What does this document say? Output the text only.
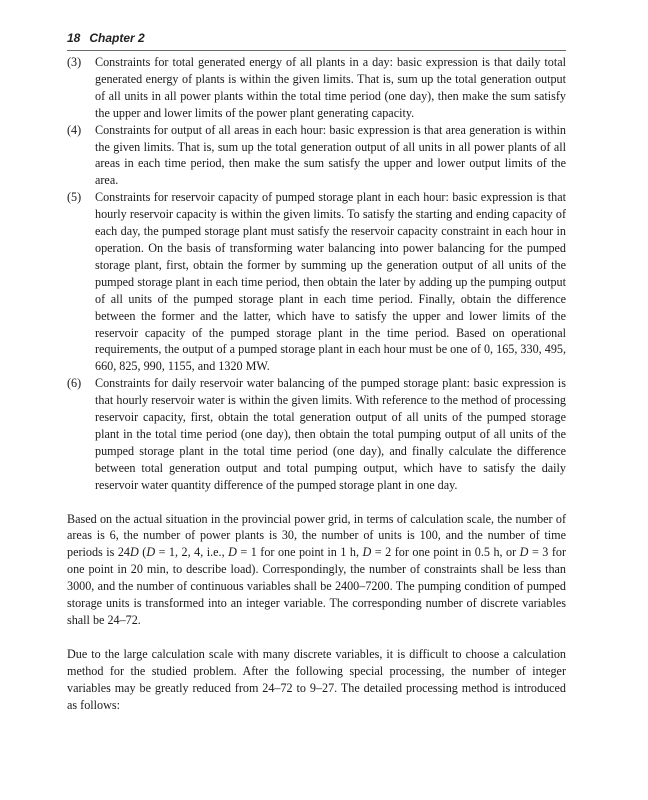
18 Chapter 2
(3)	Constraints for total generated energy of all plants in a day: basic expression is that daily total generated energy of plants is within the given limits. That is, sum up the total generation output of all units in all power plants within the total time period (one day), then make the sum satisfy the upper and lower limits of the power plant generating capacity.
(4)	Constraints for output of all areas in each hour: basic expression is that area generation is within the given limits. That is, sum up the total generation output of all units in all power plants of all areas in each time period, then make the sum satisfy the upper and lower output limits of the area.
(5)	Constraints for reservoir capacity of pumped storage plant in each hour: basic expression is that hourly reservoir capacity is within the given limits. To satisfy the starting and ending capacity of each day, the pumped storage plant must satisfy the reservoir capacity constraint in each hour in operation. On the basis of transforming water balancing into power balancing for the pumped storage plant, first, obtain the former by summing up the generation output of all units of the pumped storage plant in each time period, then obtain the later by adding up the pumping output of all units of the pumped storage plant in each time period. Finally, obtain the difference between the former and the latter, which have to satisfy the upper and lower limits of the reservoir capacity of the pumped storage plant in the time period. Based on operational requirements, the output of a pumped storage plant in each hour must be one of 0, 165, 330, 495, 660, 825, 990, 1155, and 1320 MW.
(6)	Constraints for daily reservoir water balancing of the pumped storage plant: basic expression is that hourly reservoir water is within the given limits. With reference to the method of processing reservoir capacity, first, obtain the total generation output of all units of the pumped storage plant in the total time period (one day), then obtain the total pumping output of all units of the pumped storage plant in the total time period (one day), and finally calculate the difference between total generation output and total pumping output, which have to satisfy the daily reservoir water quantity difference of the pumped storage plant in one day.

Based on the actual situation in the provincial power grid, in terms of calculation scale, the number of areas is 6, the number of power plants is 30, the number of units is 100, and the number of time periods is 24D (D = 1, 2, 4, i.e., D = 1 for one point in 1 h, D = 2 for one point in 0.5 h, or D = 3 for one point in 20 min, to describe load). Correspondingly, the number of constraints shall be less than 3000, and the number of continuous variables shall be 2400–7200. The pumping condition of pumped storage units is transformed into an integer variable. The corresponding number of discrete variables shall be 24–72.

Due to the large calculation scale with many discrete variables, it is difficult to choose a calculation method for the studied problem. After the following special processing, the number of integer variables may be greatly reduced from 24–72 to 9–27. The detailed processing method is introduced as follows:
